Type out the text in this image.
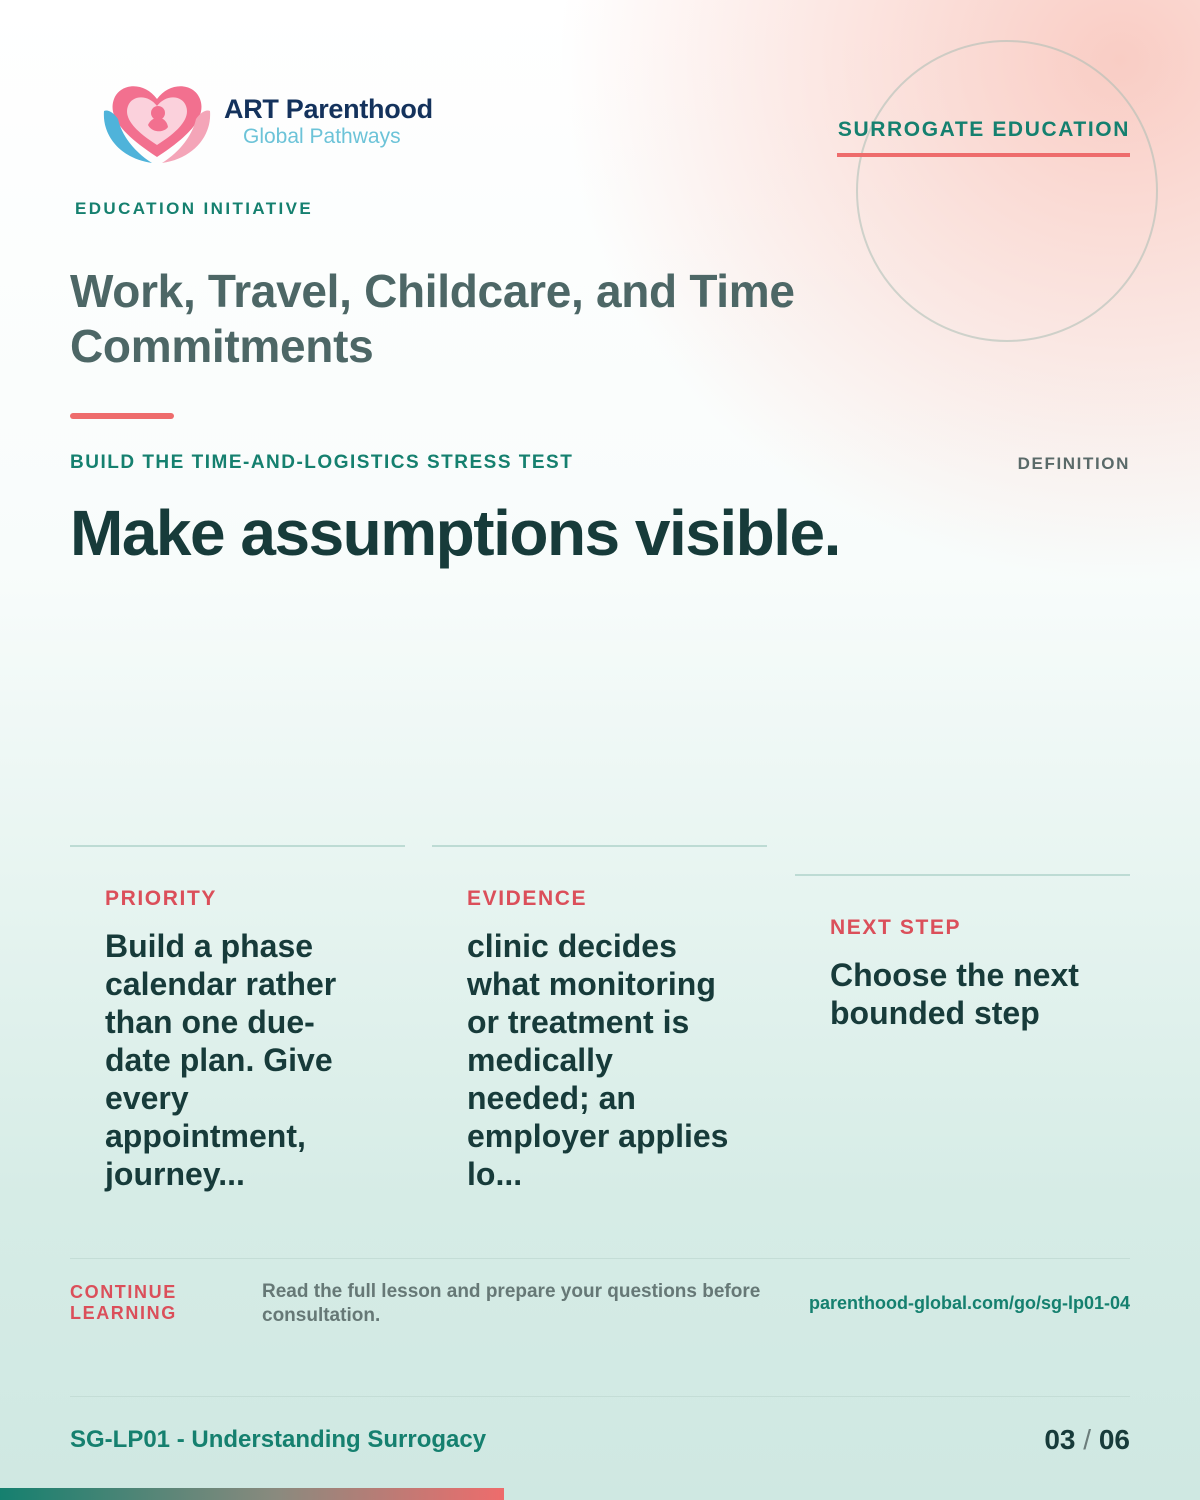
ART Parenthood
Global Pathways	SURROGATE EDUCATION
EDUCATION INITIATIVE
Work, Travel, Childcare, and Time Commitments
BUILD THE TIME-AND-LOGISTICS STRESS TEST	DEFINITION
Make assumptions visible.
PRIORITY
Build a phase calendar rather than one due-date plan. Give every appointment, journey...
EVIDENCE
clinic decides what monitoring or treatment is medically needed; an employer applies lo...
NEXT STEP
Choose the next bounded step
CONTINUE LEARNING
Read the full lesson and prepare your questions before consultation.
parenthood-global.com/go/sg-lp01-04
SG-LP01 - Understanding Surrogacy	03 / 06
